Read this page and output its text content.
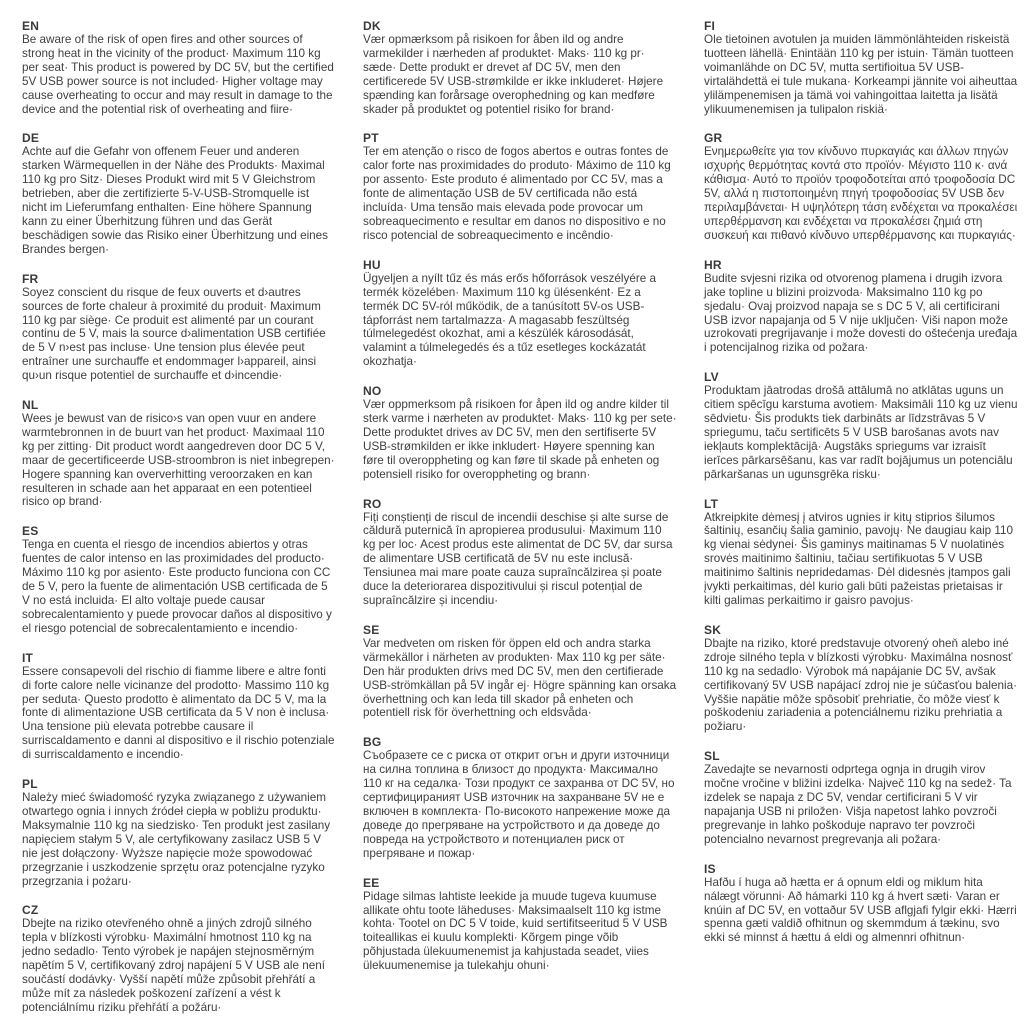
EN
Be aware of the risk of open fires and other sources of strong heat in the vicinity of the product· Maximum 110 kg per seat· This product is powered by DC 5V, but the certified 5V USB power source is not included· Higher voltage may cause overheating to occur and may result in damage to the device and the potential risk of overheating and fiire·
DE
Achte auf die Gefahr von offenem Feuer und anderen starken Wärmequellen in der Nähe des Produkts· Maximal 110 kg pro Sitz· Dieses Produkt wird mit 5 V Gleichstrom betrieben, aber die zertifizierte 5-V-USB-Stromquelle ist nicht im Lieferumfang enthalten· Eine höhere Spannung kann zu einer Überhitzung führen und das Gerät beschädigen sowie das Risiko einer Überhitzung und eines Brandes bergen·
FR
Soyez conscient du risque de feux ouverts et d›autres sources de forte chaleur à proximité du produit· Maximum 110 kg par siège· Ce produit est alimenté par un courant continu de 5 V, mais la source d›alimentation USB certifiée de 5 V n›est pas incluse· Une tension plus élevée peut entraîner une surchauffe et endommager l›appareil, ainsi qu›un risque potentiel de surchauffe et d›incendie·
NL
Wees je bewust van de risico›s van open vuur en andere warmtebronnen in de buurt van het product· Maximaal 110 kg per zitting· Dit product wordt aangedreven door DC 5 V, maar de gecertificeerde USB-stroombron is niet inbegrepen· Hogere spanning kan oververhitting veroorzaken en kan resulteren in schade aan het apparaat en een potentieel risico op brand·
ES
Tenga en cuenta el riesgo de incendios abiertos y otras fuentes de calor intenso en las proximidades del producto· Máximo 110 kg por asiento· Este producto funciona con CC de 5 V, pero la fuente de alimentación USB certificada de 5 V no está incluida· El alto voltaje puede causar sobrecalentamiento y puede provocar daños al dispositivo y el riesgo potencial de sobrecalentamiento e incendio·
IT
Essere consapevoli del rischio di fiamme libere e altre fonti di forte calore nelle vicinanze del prodotto· Massimo 110 kg per seduta· Questo prodotto è alimentato da DC 5 V, ma la fonte di alimentazione USB certificata da 5 V non è inclusa· Una tensione più elevata potrebbe causare il surriscaldamento e danni al dispositivo e il rischio potenziale di surriscaldamento e incendio·
PL
Należy mieć świadomość ryzyka związanego z używaniem otwartego ognia i innych źródeł ciepła w pobliżu produktu· Maksymalnie 110 kg na siedzisko· Ten produkt jest zasilany napięciem stałym 5 V, ale certyfikowany zasilacz USB 5 V nie jest dołączony· Wyższe napięcie może spowodować przegrzanie i uszkodzenie sprzętu oraz potencjalne ryzyko przegrzania i pożaru·
CZ
Dbejte na riziko otevřeného ohně a jiných zdrojů silného tepla v blízkosti výrobku· Maximální hmotnost 110 kg na jedno sedadlo· Tento výrobek je napájen stejnosměrným napětím 5 V, certifikovaný zdroj napájení 5 V USB ale není součástí dodávky· Vyšší napětí může způsobit přehřátí a může mít za následek poškození zařízení a vést k potenciálnímu riziku přehřátí a požáru·
DK
Vær opmærksom på risikoen for åben ild og andre varmekilder i nærheden af produktet· Maks· 110 kg pr· sæde· Dette produkt er drevet af DC 5V, men den certificerede 5V USB-strømkilde er ikke inkluderet· Højere spænding kan forårsage overophedning og kan medføre skader på produktet og potentiel risiko for brand·
PT
Ter em atenção o risco de fogos abertos e outras fontes de calor forte nas proximidades do produto· Máximo de 110 kg por assento· Este produto é alimentado por CC 5V, mas a fonte de alimentação USB de 5V certificada não está incluída· Uma tensão mais elevada pode provocar um sobreaquecimento e resultar em danos no dispositivo e no risco potencial de sobreaquecimento e incêndio·
HU
Ügyeljen a nyílt tűz és más erős hőforrások veszélyére a termék közelében· Maximum 110 kg ülésenként· Ez a termék DC 5V-ról működik, de a tanúsított 5V-os USB-tápforrást nem tartalmazza· A magasabb feszültség túlmelegedést okozhat, ami a készülék károsodását, valamint a túlmelegedés és a tűz esetleges kockázatát okozhatja·
NO
Vær oppmerksom på risikoen for åpen ild og andre kilder til sterk varme i nærheten av produktet· Maks· 110 kg per sete· Dette produktet drives av DC 5V, men den sertifiserte 5V USB-strømkilden er ikke inkludert· Høyere spenning kan føre til overoppheting og kan føre til skade på enheten og potensiell risiko for overoppheting og brann·
RO
Fiți conștienți de riscul de incendii deschise și alte surse de căldură puternică în apropierea produsului· Maximum 110 kg per loc· Acest produs este alimentat de DC 5V, dar sursa de alimentare USB certificată de 5V nu este inclusă· Tensiunea mai mare poate cauza supraîncălzirea și poate duce la deteriorarea dispozitivului și riscul potențial de supraîncălzire și incendiu·
SE
Var medveten om risken för öppen eld och andra starka värmekällor i närheten av produkten· Max 110 kg per säte· Den här produkten drivs med DC 5V, men den certifierade USB-strömkällan på 5V ingår ej· Högre spänning kan orsaka överhettning och kan leda till skador på enheten och potentiell risk för överhettning och eldsvåda·
BG
Съобразете се с риска от открит огън и други източници на силна топлина в близост до продукта· Максимално 110 кг на седалка· Този продукт се захранва от DC 5V, но сертифицираният USB източник на захранване 5V не е включен в комплекта· По-високото напрежение може да доведе до прегряване на устройството и да доведе до повреда на устройството и потенциален риск от прегряване и пожар·
EE
Pidage silmas lahtiste leekide ja muude tugeva kuumuse allikate ohtu toote läheduses· Maksimaalselt 110 kg istme kohta· Tootel on DC 5 V toide, kuid sertifitseeritud 5 V USB toiteallikas ei kuulu komplekti· Kõrgem pinge võib põhjustada ülekuumenemist ja kahjustada seadet, viies ülekuumenemise ja tulekahju ohuni·
FI
Ole tietoinen avotulen ja muiden lämmönlähteiden riskeistä tuotteen lähellä· Enintään 110 kg per istuin· Tämän tuotteen voimanlähde on DC 5V, mutta sertifioitua 5V USB-virtalähdettä ei tule mukana· Korkeampi jännite voi aiheuttaa ylilämpenemisen ja tämä voi vahingoittaa laitetta ja lisätä ylikuumenemisen ja tulipalon riskiä·
GR
Ενημερωθείτε για τον κίνδυνο πυρκαγιάς και άλλων πηγών ισχυρής θερμότητας κοντά στο προϊόν· Μέγιστο 110 κ· ανά κάθισμα· Αυτό το προϊόν τροφοδοτείται από τροφοδοσία DC 5V, αλλά η πιστοποιημένη πηγή τροφοδοσίας 5V USB δεν περιλαμβάνεται· Η υψηλότερη τάση ενδέχεται να προκαλέσει υπερθέρμανση και ενδέχεται να προκαλέσει ζημιά στη συσκευή και πιθανό κίνδυνο υπερθέρμανσης και πυρκαγιάς·
HR
Budite svjesni rizika od otvorenog plamena i drugih izvora jake topline u blizini proizvoda· Maksimalno 110 kg po sjedalu· Ovaj proizvod napaja se s DC 5 V, ali certificirani USB izvor napajanja od 5 V nije uključen· Viši napon može uzrokovati pregrijavanje i može dovesti do oštećenja uređaja i potencijalnog rizika od požara·
LV
Produktam jāatrodas drošā attālumā no atklātas uguns un citiem spēcīgu karstuma avotiem· Maksimāli 110 kg uz vienu sēdvietu· Šis produkts tiek darbināts ar līdzstrāvas 5 V spriegumu, taču sertificēts 5 V USB barošanas avots nav iekļauts komplektācijā· Augstāks spriegums var izraisīt ierīces pārkarsēšanu, kas var radīt bojājumus un potenciālu pārkaršanas un ugunsgrēka risku·
LT
Atkreipkite dėmesį į atviros ugnies ir kitų stiprios šilumos šaltinių, esančių šalia gaminio, pavojų· Ne daugiau kaip 110 kg vienai sėdynei· Šis gaminys maitinamas 5 V nuolatinės srovės maitinimo šaltiniu, tačiau sertifikuotas 5 V USB maitinimo šaltinis nepridedamas· Dėl didesnės įtampos gali įvykti perkaitimas, dėl kurio gali būti pažeistas prietaisas ir kilti galimas perkaitimo ir gaisro pavojus·
SK
Dbajte na riziko, ktoré predstavuje otvorený oheň alebo iné zdroje silného tepla v blízkosti výrobku· Maximálna nosnosť 110 kg na sedadlo· Výrobok má napájanie DC 5V, avšak certifikovaný 5V USB napájací zdroj nie je súčasťou balenia· Vyššie napätie môže spôsobiť prehriatie, čo môže viesť k poškodeniu zariadenia a potenciálnemu riziku prehriatia a požiaru·
SL
Zavedajte se nevarnosti odprtega ognja in drugih virov močne vročine v bližini izdelka· Največ 110 kg na sedež· Ta izdelek se napaja z DC 5V, vendar certificirani 5 V vir napajanja USB ni priložen· Višja napetost lahko povzroči pregrevanje in lahko poškoduje napravo ter povzroči potencialno nevarnost pregrevanja ali požara·
IS
Hafðu í huga að hætta er á opnum eldi og miklum hita nálægt vörunni· Að hámarki 110 kg á hvert sæti· Varan er knúin af DC 5V, en vottaður 5V USB aflgjafi fylgir ekki· Hærri spenna gæti valdið ofhitnun og skemmdum á tækinu, svo ekki sé minnst á hættu á eldi og almennri ofhitnun·
